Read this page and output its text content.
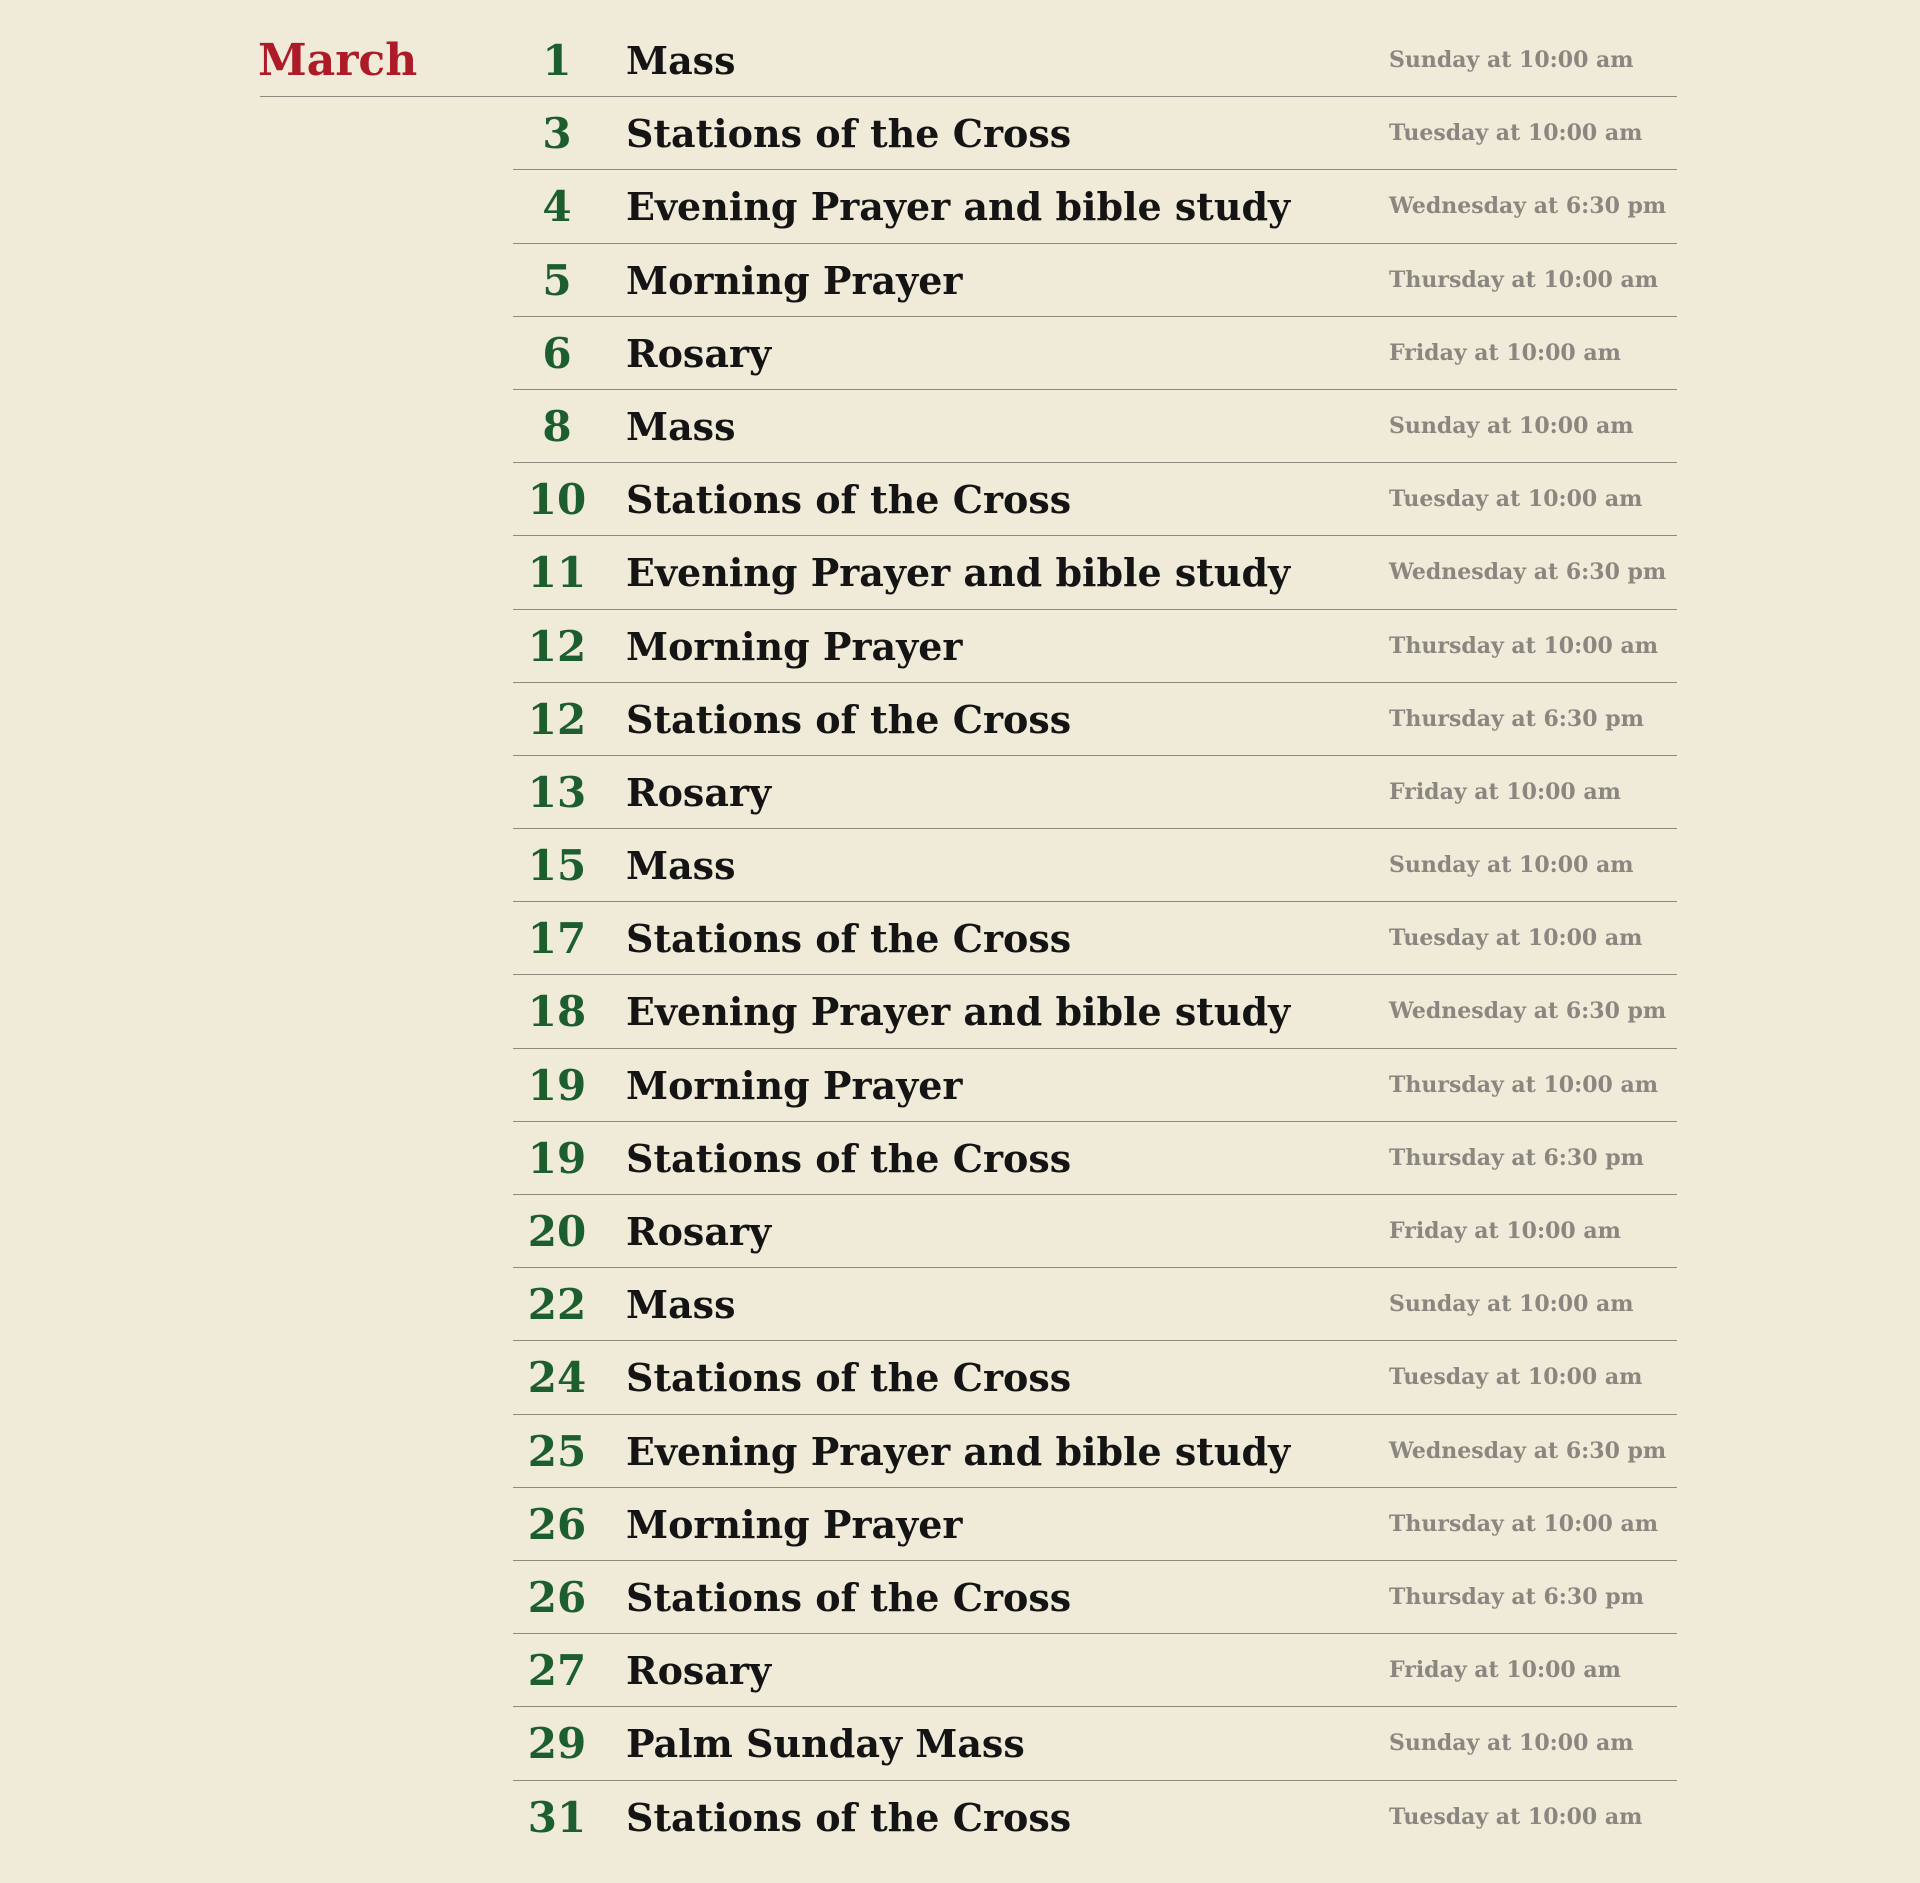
March	1	Mass	Sunday at 10:00 am
3	Stations of the Cross	Tuesday at 10:00 am
4	Evening Prayer and bible study	Wednesday at 6:30 pm
5	Morning Prayer	Thursday at 10:00 am
6	Rosary	Friday at 10:00 am
8	Mass	Sunday at 10:00 am
10	Stations of the Cross	Tuesday at 10:00 am
11	Evening Prayer and bible study	Wednesday at 6:30 pm
12	Morning Prayer	Thursday at 10:00 am
12	Stations of the Cross	Thursday at 6:30 pm
13	Rosary	Friday at 10:00 am
15	Mass	Sunday at 10:00 am
17	Stations of the Cross	Tuesday at 10:00 am
18	Evening Prayer and bible study	Wednesday at 6:30 pm
19	Morning Prayer	Thursday at 10:00 am
19	Stations of the Cross	Thursday at 6:30 pm
20	Rosary	Friday at 10:00 am
22	Mass	Sunday at 10:00 am
24	Stations of the Cross	Tuesday at 10:00 am
25	Evening Prayer and bible study	Wednesday at 6:30 pm
26	Morning Prayer	Thursday at 10:00 am
26	Stations of the Cross	Thursday at 6:30 pm
27	Rosary	Friday at 10:00 am
29	Palm Sunday Mass	Sunday at 10:00 am
31	Stations of the Cross	Tuesday at 10:00 am
